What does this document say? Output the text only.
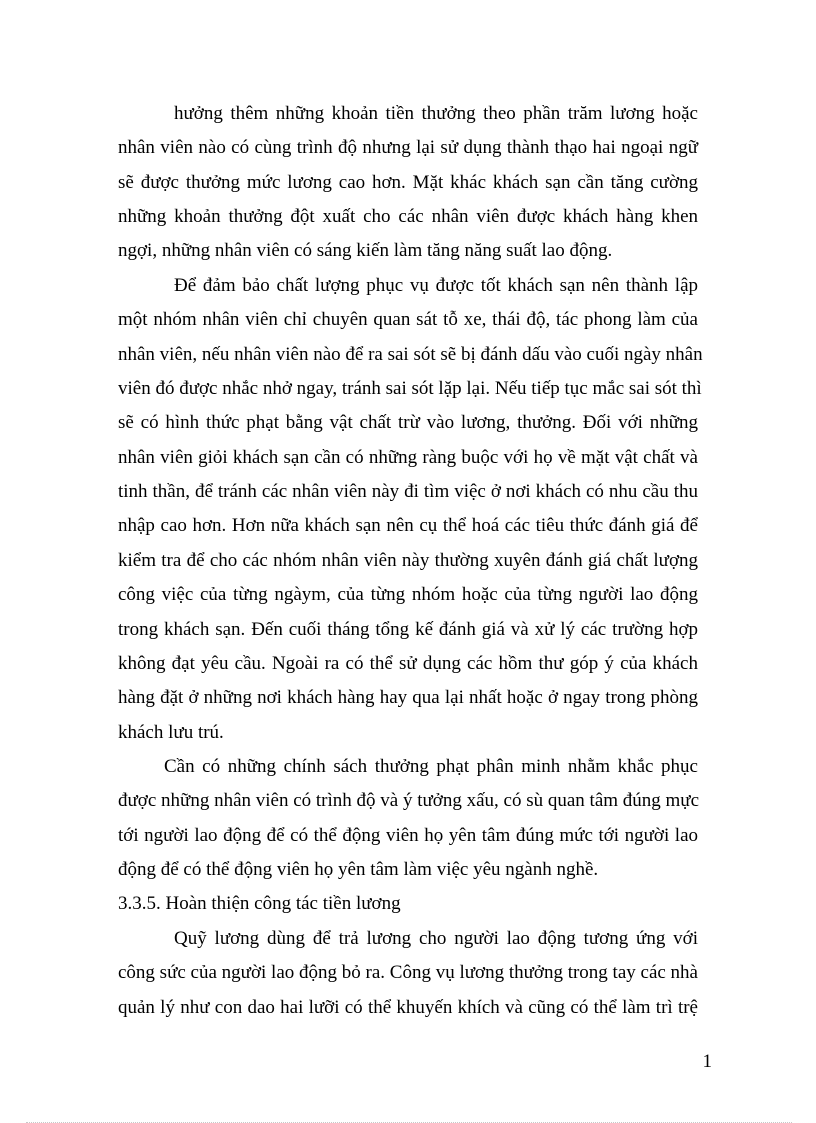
hưởng thêm những khoản tiền thưởng theo phần trăm lương hoặc
nhân viên nào có cùng trình độ nhưng lại sử dụng thành thạo hai ngoại ngữ
sẽ được thưởng mức lương cao hơn. Mặt khác khách sạn cần tăng cường
những khoản thưởng đột xuất cho các nhân viên được khách hàng khen
ngợi, những nhân viên có sáng kiến làm tăng năng suất lao động.
Để đảm bảo chất lượng phục vụ được tốt khách sạn nên thành lập
một nhóm nhân viên chỉ chuyên quan sát tỗ xe, thái độ, tác phong làm của
nhân viên, nếu nhân viên nào để ra sai sót sẽ bị đánh dấu vào cuối ngày nhân
viên đó được nhắc nhở ngay, tránh sai sót lặp lại. Nếu tiếp tục mắc sai sót thì
sẽ có hình thức phạt bằng vật chất trừ vào lương, thưởng. Đối với những
nhân viên giỏi khách sạn cần có những ràng buộc với họ về mặt vật chất và
tinh thần, để tránh các nhân viên này đi tìm việc ở nơi khách có nhu cầu thu
nhập cao hơn. Hơn nữa khách sạn nên cụ thể hoá các tiêu thức đánh giá để
kiểm tra để cho các nhóm nhân viên này thường xuyên đánh giá chất lượng
công việc của từng ngàym, của từng nhóm hoặc của từng người lao động
trong khách sạn. Đến cuối tháng tổng kế đánh giá và xử lý các trường hợp
không đạt yêu cầu. Ngoài ra có thể sử dụng các hồm thư góp ý của khách
hàng đặt ở những nơi khách hàng hay qua lại nhất hoặc ở ngay trong phòng
khách lưu trú.
Cần có những chính sách thưởng phạt phân minh nhằm khắc phục
được những nhân viên có trình độ và ý tưởng xấu, có sù quan tâm đúng mực
tới người lao động để có thể động viên họ yên tâm đúng mức tới người lao
động để có thể động viên họ yên tâm làm việc yêu ngành nghề.
3.3.5. Hoàn thiện công tác tiền lương
Quỹ lương dùng để trả lương cho người lao động tương ứng với
công sức của người lao động bỏ ra. Công vụ lương thưởng trong tay các nhà
quản lý như con dao hai lưỡi có thể khuyến khích và cũng có thể làm trì trệ
1
